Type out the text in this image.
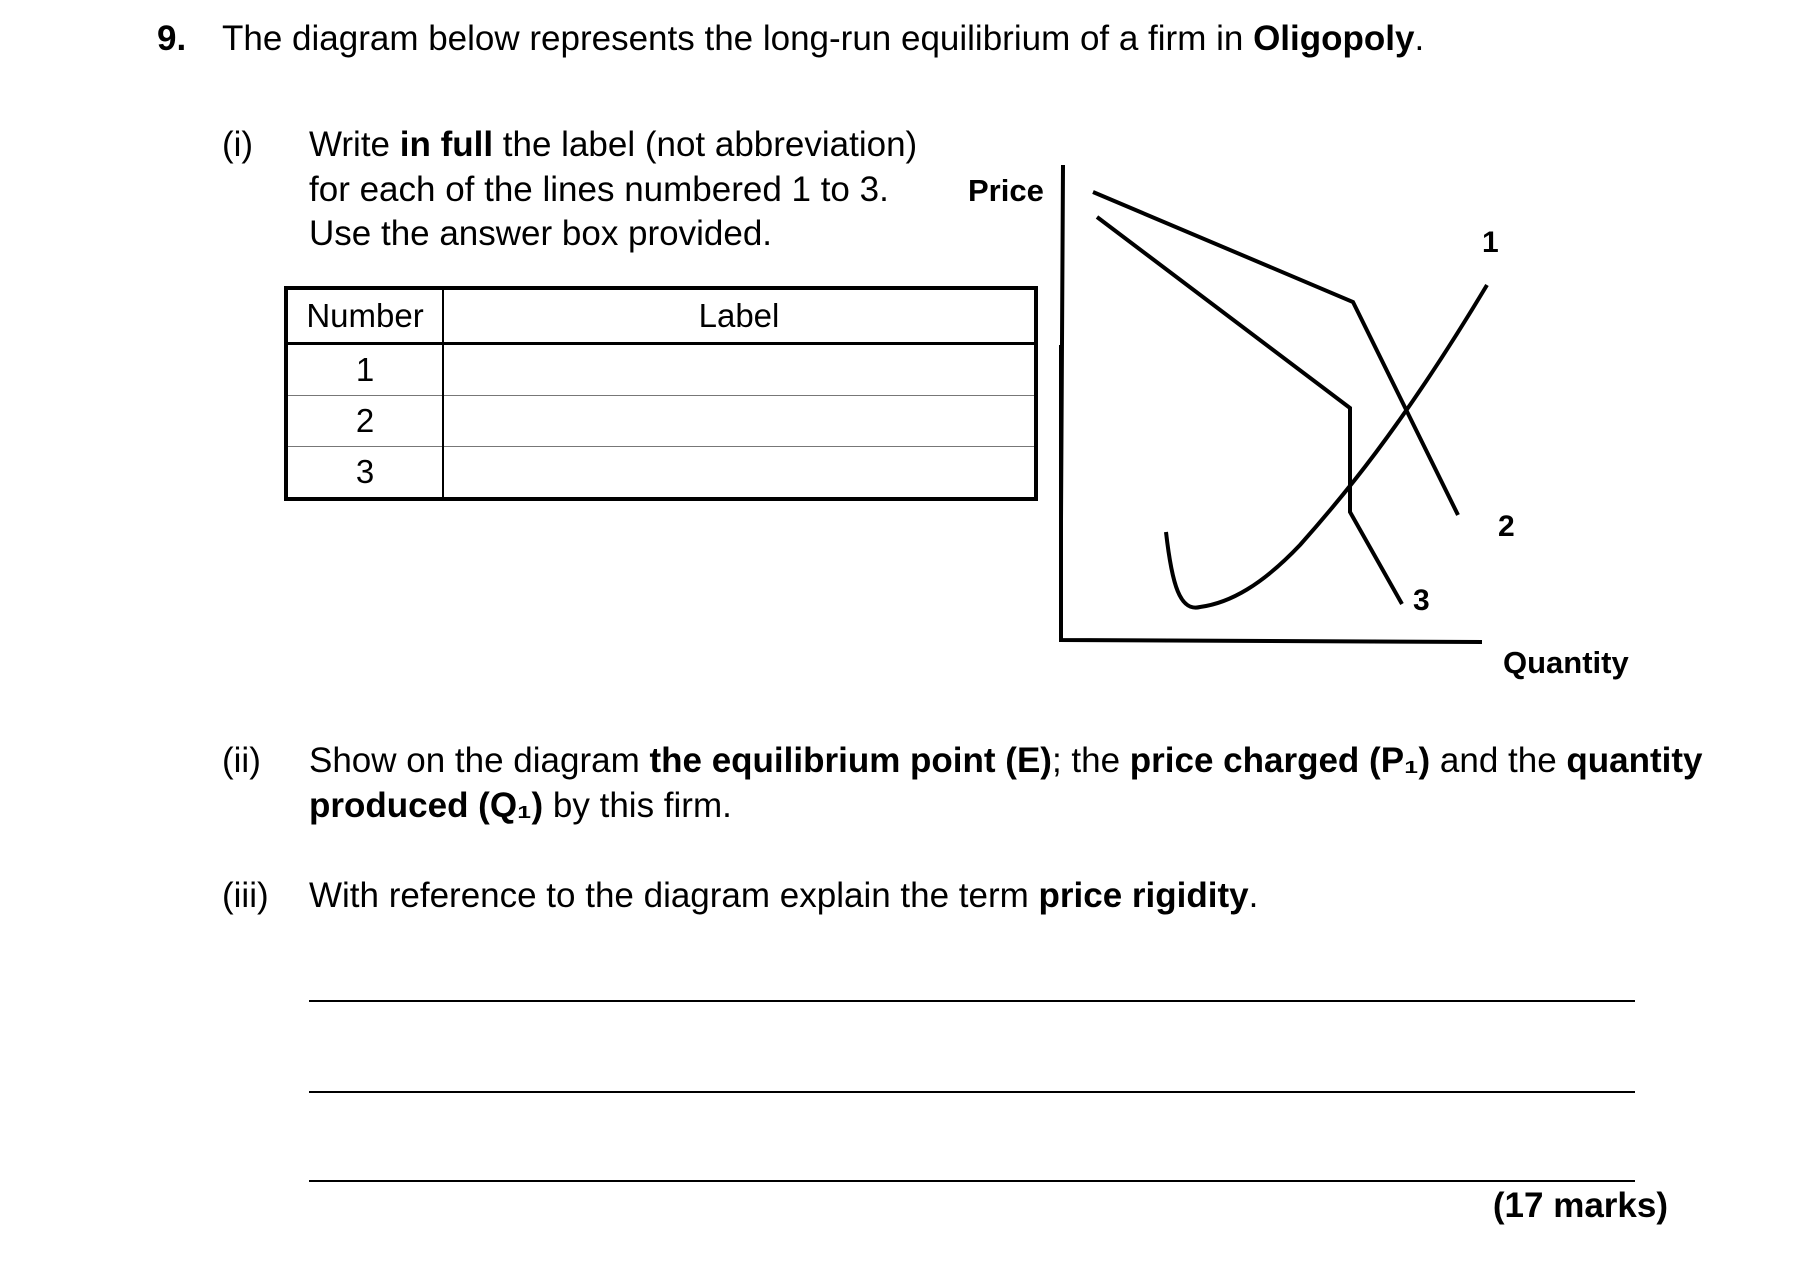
9. The diagram below represents the long-run equilibrium of a firm in Oligopoly.
(i) Write in full the label (not abbreviation)
for each of the lines numbered 1 to 3.
Use the answer box provided.
Number	Label
1	
2	
3	
Price
Quantity
1
2
3
(ii) Show on the diagram the equilibrium point (E); the price charged (P₁) and the quantity
produced (Q₁) by this firm.
(iii) With reference to the diagram explain the term price rigidity.
(17 marks)
